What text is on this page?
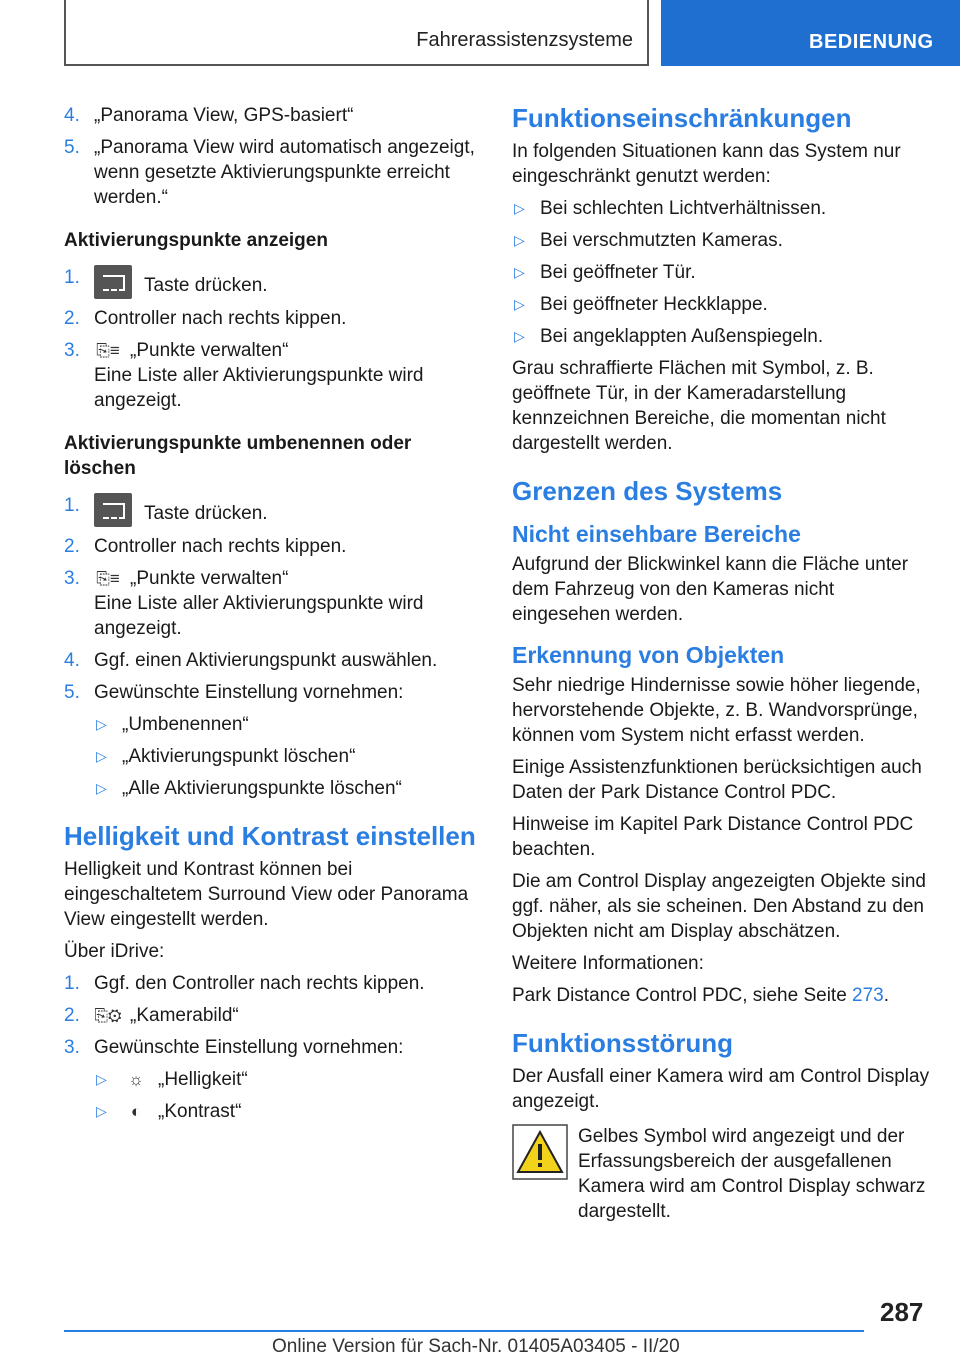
Fahrerassistenzsysteme	BEDIENUNG
4. „Panorama View, GPS-basiert“
5. „Panorama View wird automatisch angezeigt, wenn gesetzte Aktivierungspunkte erreicht werden.“
Aktivierungspunkte anzeigen
1.	Taste drücken.
2. Controller nach rechts kippen.
3. ⎘≡ „Punkte verwalten“
Eine Liste aller Aktivierungspunkte wird angezeigt.
Aktivierungspunkte umbenennen oder löschen
1.	Taste drücken.
2. Controller nach rechts kippen.
3. ⎘≡ „Punkte verwalten“
Eine Liste aller Aktivierungspunkte wird angezeigt.
4. Ggf. einen Aktivierungspunkt auswählen.
5. Gewünschte Einstellung vornehmen:
▷ „Umbenennen“
▷ „Aktivierungspunkt löschen“
▷ „Alle Aktivierungspunkte löschen“
Helligkeit und Kontrast einstellen

Helligkeit und Kontrast können bei eingeschaltetem Surround View oder Panorama View eingestellt werden.

Über iDrive:

1. Ggf. den Controller nach rechts kippen.
2. ⎘⚙ „Kamerabild“
3. Gewünschte Einstellung vornehmen:
▷	☼ „Helligkeit“
▷	◐ „Kontrast“
Funktionseinschränkungen

In folgenden Situationen kann das System nur eingeschränkt genutzt werden:

▷ Bei schlechten Lichtverhältnissen.
▷ Bei verschmutzten Kameras.
▷ Bei geöffneter Tür.
▷ Bei geöffneter Heckklappe.
▷ Bei angeklappten Außenspiegeln.

Grau schraffierte Flächen mit Symbol, z. B. geöffnete Tür, in der Kameradarstellung kennzeichnen Bereiche, die momentan nicht dargestellt werden.

Grenzen des Systems
Nicht einsehbare Bereiche

Aufgrund der Blickwinkel kann die Fläche unter dem Fahrzeug von den Kameras nicht eingesehen werden.

Erkennung von Objekten

Sehr niedrige Hindernisse sowie höher liegende, hervorstehende Objekte, z. B. Wandvorsprünge, können vom System nicht erfasst werden.

Einige Assistenzfunktionen berücksichtigen auch Daten der Park Distance Control PDC.

Hinweise im Kapitel Park Distance Control PDC beachten.

Die am Control Display angezeigten Objekte sind ggf. näher, als sie scheinen. Den Abstand zu den Objekten nicht am Display abschätzen.

Weitere Informationen:

Park Distance Control PDC, siehe Seite 273.

Funktionsstörung

Der Ausfall einer Kamera wird am Control Display angezeigt.

Gelbes Symbol wird angezeigt und der Erfassungsbereich der ausgefallenen Kamera wird am Control Display schwarz dargestellt.

287
Online Version für Sach-Nr. 01405A03405 - II/20
